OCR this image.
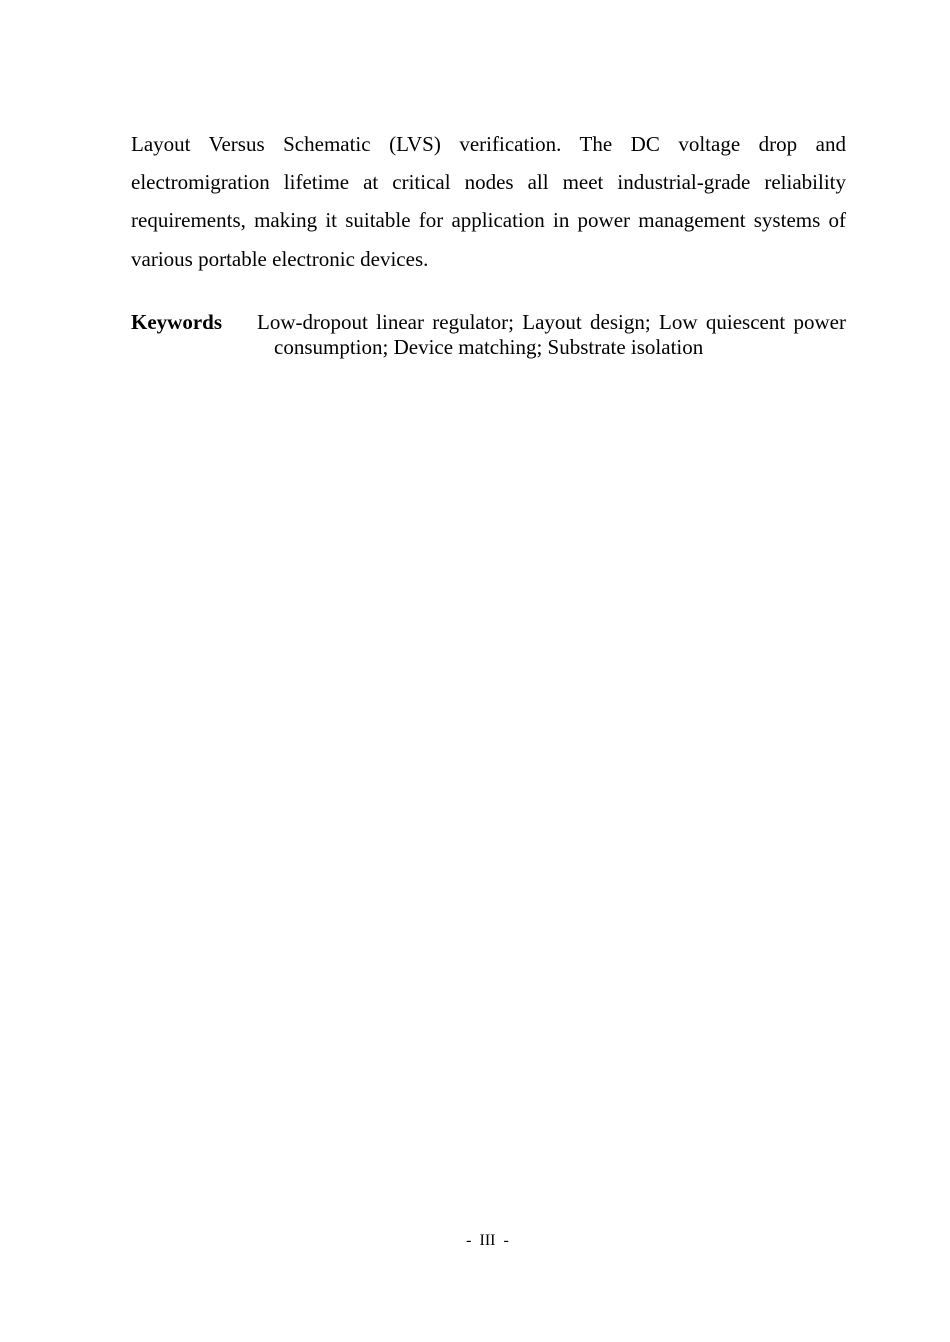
Layout Versus Schematic (LVS) verification. The DC voltage drop and
electromigration lifetime at critical nodes all meet industrial-grade reliability
requirements, making it suitable for application in power management systems of
various portable electronic devices.
Keywords Low-dropout linear regulator; Layout design; Low quiescent power
consumption; Device matching; Substrate isolation
-  III  -
